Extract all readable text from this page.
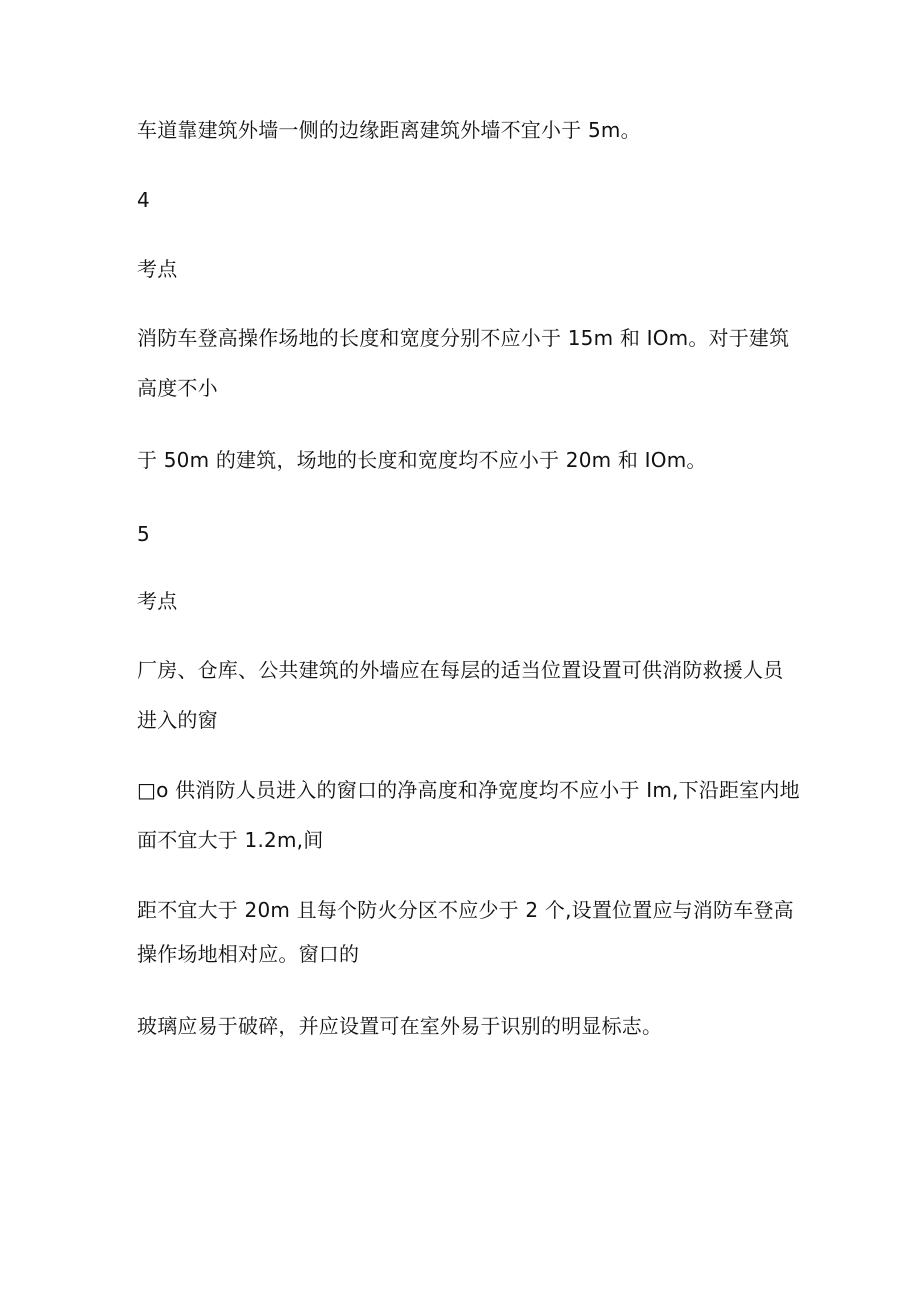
车道靠建筑外墙一侧的边缘距离建筑外墙不宜小于 5m。
4
考点
消防车登高操作场地的长度和宽度分别不应小于 15m 和 IOm。对于建筑
高度不小
于 50m 的建筑，场地的长度和宽度均不应小于 20m 和 IOm。
5
考点
厂房、仓库、公共建筑的外墙应在每层的适当位置设置可供消防救援人员
进入的窗
□o 供消防人员进入的窗口的净高度和净宽度均不应小于 Im,下沿距室内地
面不宜大于 1.2m,间
距不宜大于 20m 且每个防火分区不应少于 2 个,设置位置应与消防车登高
操作场地相对应。窗口的
玻璃应易于破碎，并应设置可在室外易于识别的明显标志。
